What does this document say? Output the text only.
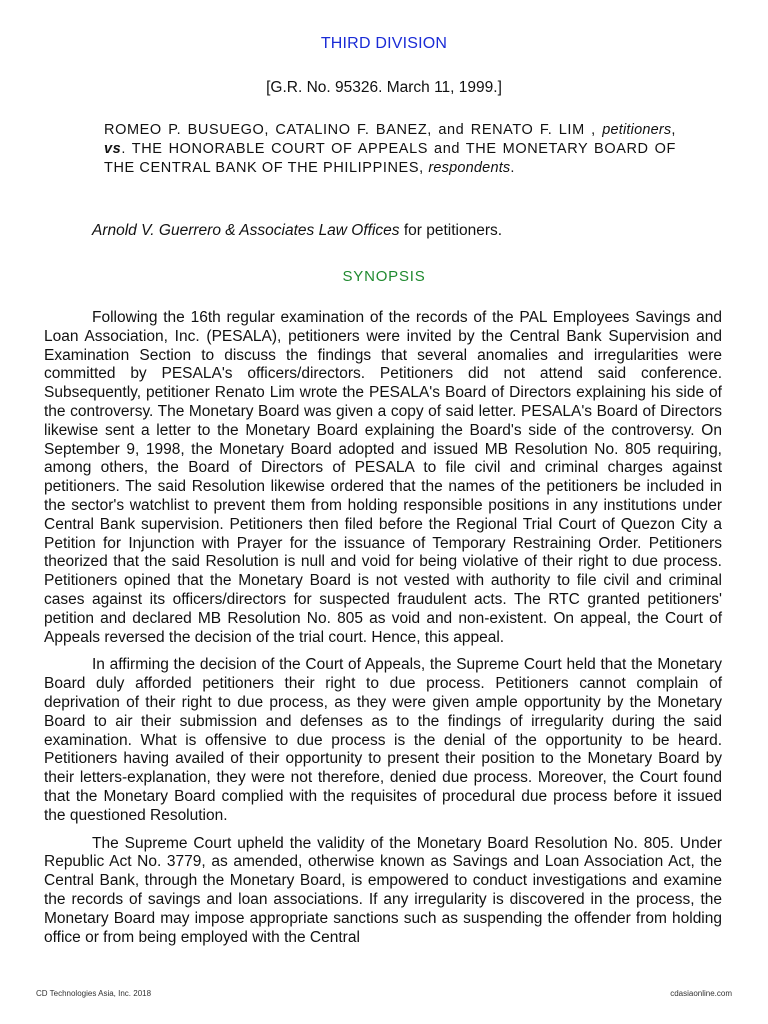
THIRD DIVISION
[G.R. No. 95326. March 11, 1999.]
ROMEO P. BUSUEGO, CATALINO F. BANEZ, and RENATO F. LIM , petitioners, vs. THE HONORABLE COURT OF APPEALS and THE MONETARY BOARD OF THE CENTRAL BANK OF THE PHILIPPINES, respondents.
Arnold V. Guerrero & Associates Law Offices for petitioners.
SYNOPSIS

Following the 16th regular examination of the records of the PAL Employees Savings and Loan Association, Inc. (PESALA), petitioners were invited by the Central Bank Supervision and Examination Section to discuss the findings that several anomalies and irregularities were committed by PESALA's officers/directors. Petitioners did not attend said conference. Subsequently, petitioner Renato Lim wrote the PESALA's Board of Directors explaining his side of the controversy. The Monetary Board was given a copy of said letter. PESALA's Board of Directors likewise sent a letter to the Monetary Board explaining the Board's side of the controversy. On September 9, 1998, the Monetary Board adopted and issued MB Resolution No. 805 requiring, among others, the Board of Directors of PESALA to file civil and criminal charges against petitioners. The said Resolution likewise ordered that the names of the petitioners be included in the sector's watchlist to prevent them from holding responsible positions in any institutions under Central Bank supervision. Petitioners then filed before the Regional Trial Court of Quezon City a Petition for Injunction with Prayer for the issuance of Temporary Restraining Order. Petitioners theorized that the said Resolution is null and void for being violative of their right to due process. Petitioners opined that the Monetary Board is not vested with authority to file civil and criminal cases against its officers/directors for suspected fraudulent acts. The RTC granted petitioners' petition and declared MB Resolution No. 805 as void and non-existent. On appeal, the Court of Appeals reversed the decision of the trial court. Hence, this appeal.

In affirming the decision of the Court of Appeals, the Supreme Court held that the Monetary Board duly afforded petitioners their right to due process. Petitioners cannot complain of deprivation of their right to due process, as they were given ample opportunity by the Monetary Board to air their submission and defenses as to the findings of irregularity during the said examination. What is offensive to due process is the denial of the opportunity to be heard. Petitioners having availed of their opportunity to present their position to the Monetary Board by their letters-explanation, they were not therefore, denied due process. Moreover, the Court found that the Monetary Board complied with the requisites of procedural due process before it issued the questioned Resolution.

The Supreme Court upheld the validity of the Monetary Board Resolution No. 805. Under Republic Act No. 3779, as amended, otherwise known as Savings and Loan Association Act, the Central Bank, through the Monetary Board, is empowered to conduct investigations and examine the records of savings and loan associations. If any irregularity is discovered in the process, the Monetary Board may impose appropriate sanctions such as suspending the offender from holding office or from being employed with the Central

CD Technologies Asia, Inc. 2018	cdasiaonline.com
